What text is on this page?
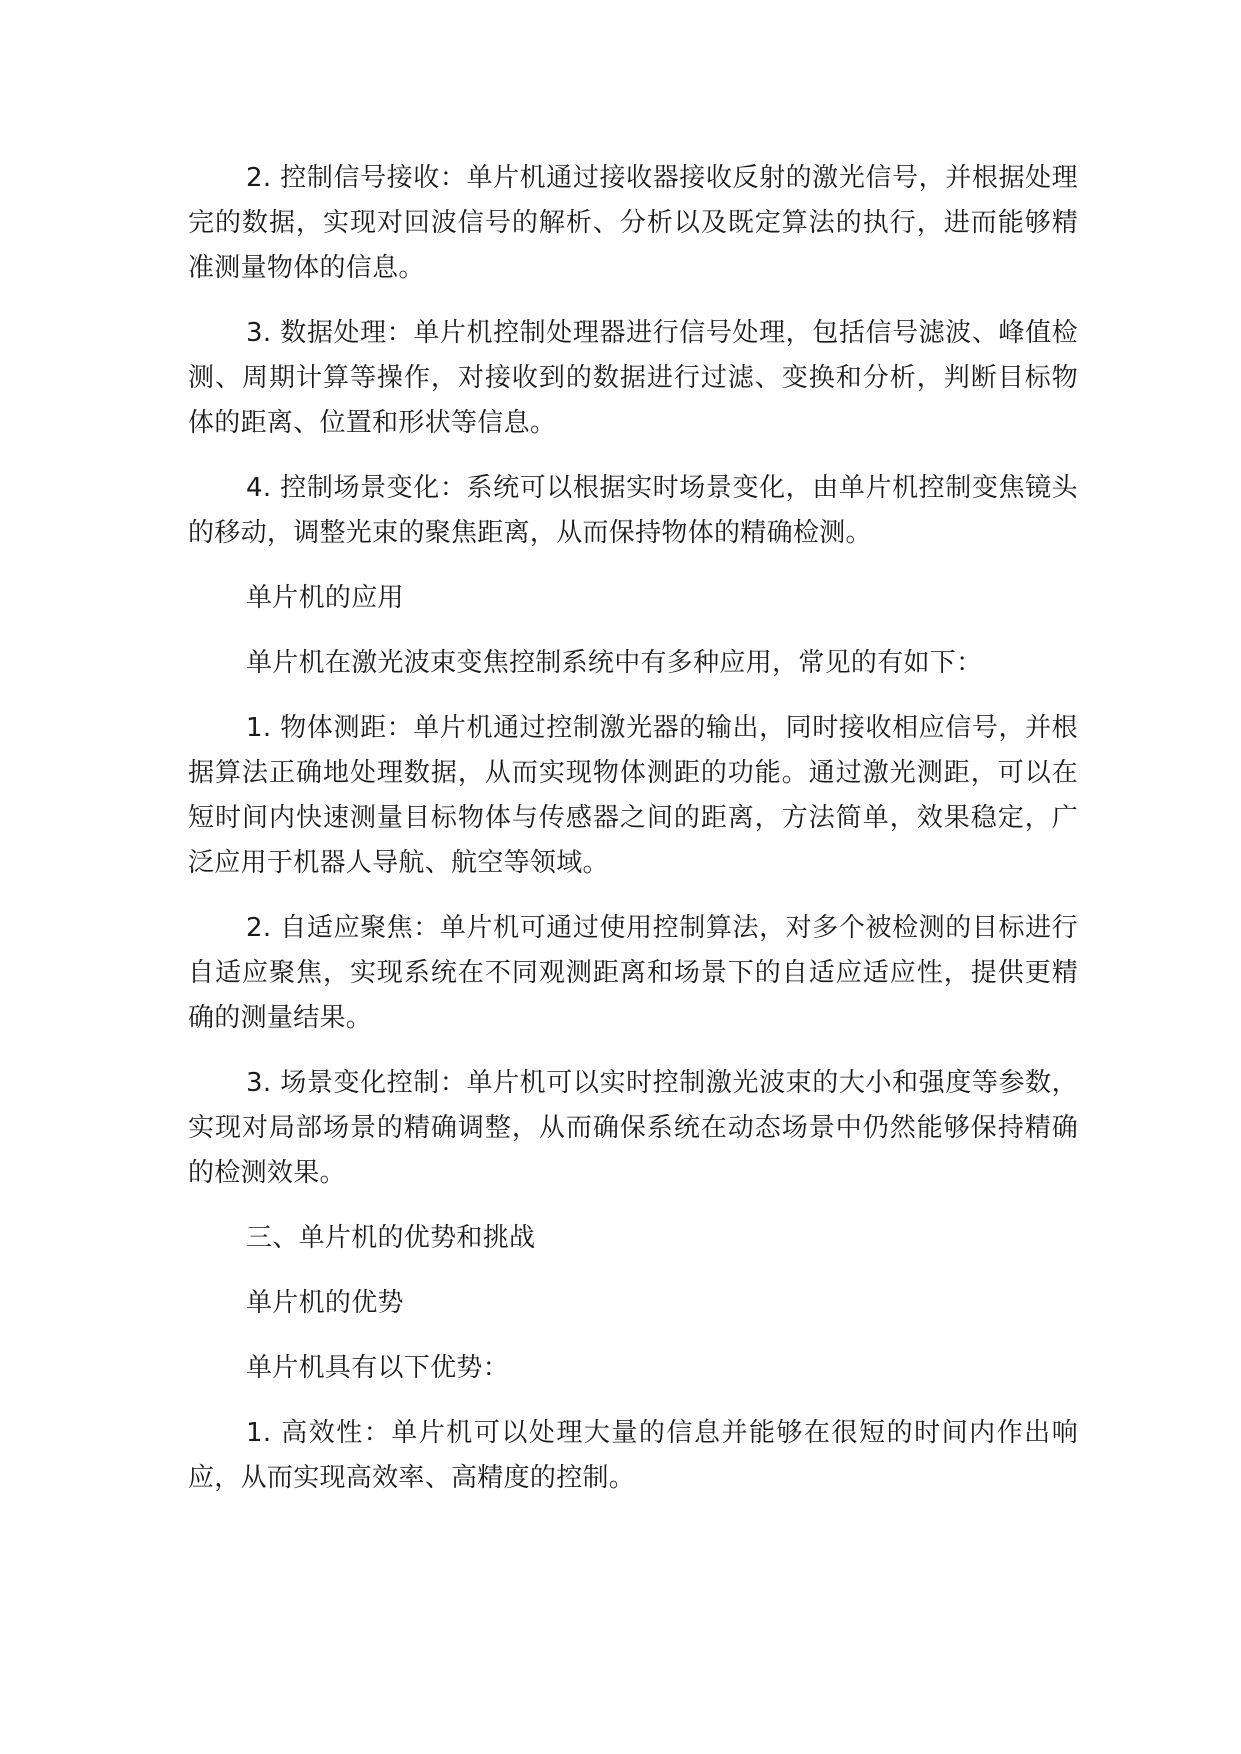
2. 控制信号接收：单片机通过接收器接收反射的激光信号，并根据处理完的数据，实现对回波信号的解析、分析以及既定算法的执行，进而能够精准测量物体的信息。

3. 数据处理：单片机控制处理器进行信号处理，包括信号滤波、峰值检测、周期计算等操作，对接收到的数据进行过滤、变换和分析，判断目标物体的距离、位置和形状等信息。

4. 控制场景变化：系统可以根据实时场景变化，由单片机控制变焦镜头的移动，调整光束的聚焦距离，从而保持物体的精确检测。

单片机的应用

单片机在激光波束变焦控制系统中有多种应用，常见的有如下：

1. 物体测距：单片机通过控制激光器的输出，同时接收相应信号，并根据算法正确地处理数据，从而实现物体测距的功能。通过激光测距，可以在短时间内快速测量目标物体与传感器之间的距离，方法简单，效果稳定，广泛应用于机器人导航、航空等领域。

2. 自适应聚焦：单片机可通过使用控制算法，对多个被检测的目标进行自适应聚焦，实现系统在不同观测距离和场景下的自适应适应性，提供更精确的测量结果。

3. 场景变化控制：单片机可以实时控制激光波束的大小和强度等参数，实现对局部场景的精确调整，从而确保系统在动态场景中仍然能够保持精确的检测效果。

三、单片机的优势和挑战

单片机的优势

单片机具有以下优势：

1. 高效性：单片机可以处理大量的信息并能够在很短的时间内作出响应，从而实现高效率、高精度的控制。
